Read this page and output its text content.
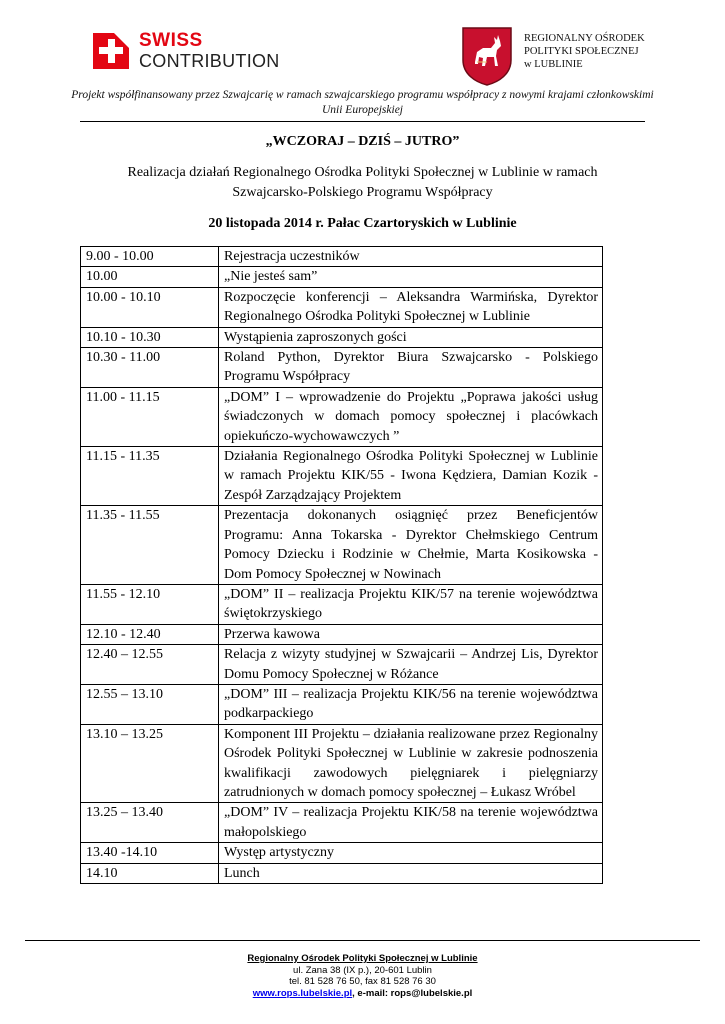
SWISS
CONTRIBUTION
REGIONALNY OŚRODEK
POLITYKI SPOŁECZNEJ
w LUBLINIE
Projekt współfinansowany przez Szwajcarię w ramach szwajcarskiego programu współpracy z nowymi krajami członkowskimi Unii Europejskiej
„WCZORAJ – DZIŚ – JUTRO”
Realizacja działań Regionalnego Ośrodka Polityki Społecznej w Lublinie w ramach Szwajcarsko-Polskiego Programu Współpracy
20 listopada 2014 r. Pałac Czartoryskich w Lublinie
9.00 - 10.00	Rejestracja uczestników
10.00	„Nie jesteś sam”
10.00 - 10.10	Rozpoczęcie konferencji – Aleksandra Warmińska, Dyrektor Regionalnego Ośrodka Polityki Społecznej w Lublinie
10.10 - 10.30	Wystąpienia zaproszonych gości
10.30 - 11.00	Roland Python, Dyrektor Biura Szwajcarsko - Polskiego Programu Współpracy
11.00 - 11.15	„DOM” I – wprowadzenie do Projektu „Poprawa jakości usług świadczonych w domach pomocy społecznej i placówkach opiekuńczo-wychowawczych ”
11.15 - 11.35	Działania Regionalnego Ośrodka Polityki Społecznej w Lublinie w ramach Projektu KIK/55 - Iwona Kędziera, Damian Kozik - Zespół Zarządzający Projektem
11.35 - 11.55	Prezentacja dokonanych osiągnięć przez Beneficjentów Programu: Anna Tokarska - Dyrektor Chełmskiego Centrum Pomocy Dziecku i Rodzinie w Chełmie, Marta Kosikowska - Dom Pomocy Społecznej w Nowinach
11.55 - 12.10	„DOM” II – realizacja Projektu KIK/57 na terenie województwa świętokrzyskiego
12.10 - 12.40	Przerwa kawowa
12.40 – 12.55	Relacja z wizyty studyjnej w Szwajcarii – Andrzej Lis, Dyrektor Domu Pomocy Społecznej w Różance
12.55 – 13.10	„DOM” III – realizacja Projektu KIK/56 na terenie województwa podkarpackiego
13.10 – 13.25	Komponent III Projektu – działania realizowane przez Regionalny Ośrodek Polityki Społecznej w Lublinie w zakresie podnoszenia kwalifikacji zawodowych pielęgniarek i pielęgniarzy zatrudnionych w domach pomocy społecznej – Łukasz Wróbel
13.25 – 13.40	„DOM” IV – realizacja Projektu KIK/58 na terenie województwa małopolskiego
13.40 -14.10	Występ artystyczny
14.10	Lunch
Regionalny Ośrodek Polityki Społecznej w Lublinie
ul. Zana 38 (IX p.), 20-601 Lublin
tel. 81 528 76 50, fax 81 528 76 30
www.rops.lubelskie.pl, e-mail: rops@lubelskie.pl
